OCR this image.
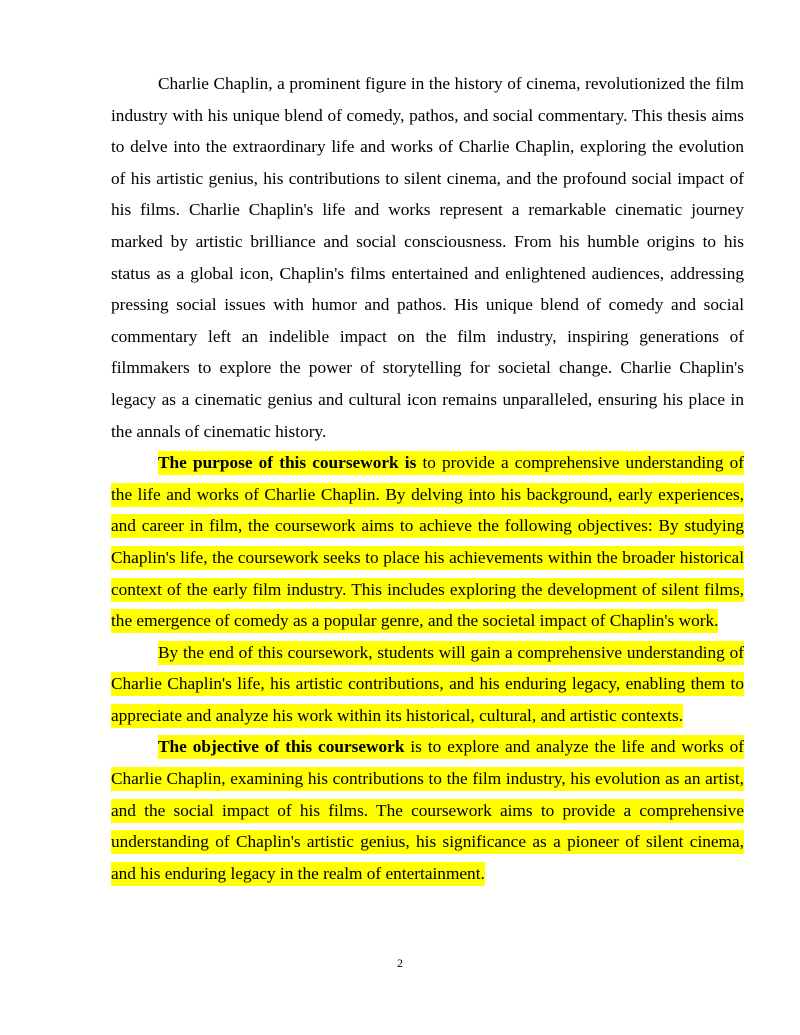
Charlie Chaplin, a prominent figure in the history of cinema, revolutionized the film industry with his unique blend of comedy, pathos, and social commentary. This thesis aims to delve into the extraordinary life and works of Charlie Chaplin, exploring the evolution of his artistic genius, his contributions to silent cinema, and the profound social impact of his films. Charlie Chaplin's life and works represent a remarkable cinematic journey marked by artistic brilliance and social consciousness. From his humble origins to his status as a global icon, Chaplin's films entertained and enlightened audiences, addressing pressing social issues with humor and pathos. His unique blend of comedy and social commentary left an indelible impact on the film industry, inspiring generations of filmmakers to explore the power of storytelling for societal change. Charlie Chaplin's legacy as a cinematic genius and cultural icon remains unparalleled, ensuring his place in the annals of cinematic history.

The purpose of this coursework is to provide a comprehensive understanding of the life and works of Charlie Chaplin. By delving into his background, early experiences, and career in film, the coursework aims to achieve the following objectives: By studying Chaplin's life, the coursework seeks to place his achievements within the broader historical context of the early film industry. This includes exploring the development of silent films, the emergence of comedy as a popular genre, and the societal impact of Chaplin's work.

By the end of this coursework, students will gain a comprehensive understanding of Charlie Chaplin's life, his artistic contributions, and his enduring legacy, enabling them to appreciate and analyze his work within its historical, cultural, and artistic contexts.

The objective of this coursework is to explore and analyze the life and works of Charlie Chaplin, examining his contributions to the film industry, his evolution as an artist, and the social impact of his films. The coursework aims to provide a comprehensive understanding of Chaplin's artistic genius, his significance as a pioneer of silent cinema, and his enduring legacy in the realm of entertainment.

2
